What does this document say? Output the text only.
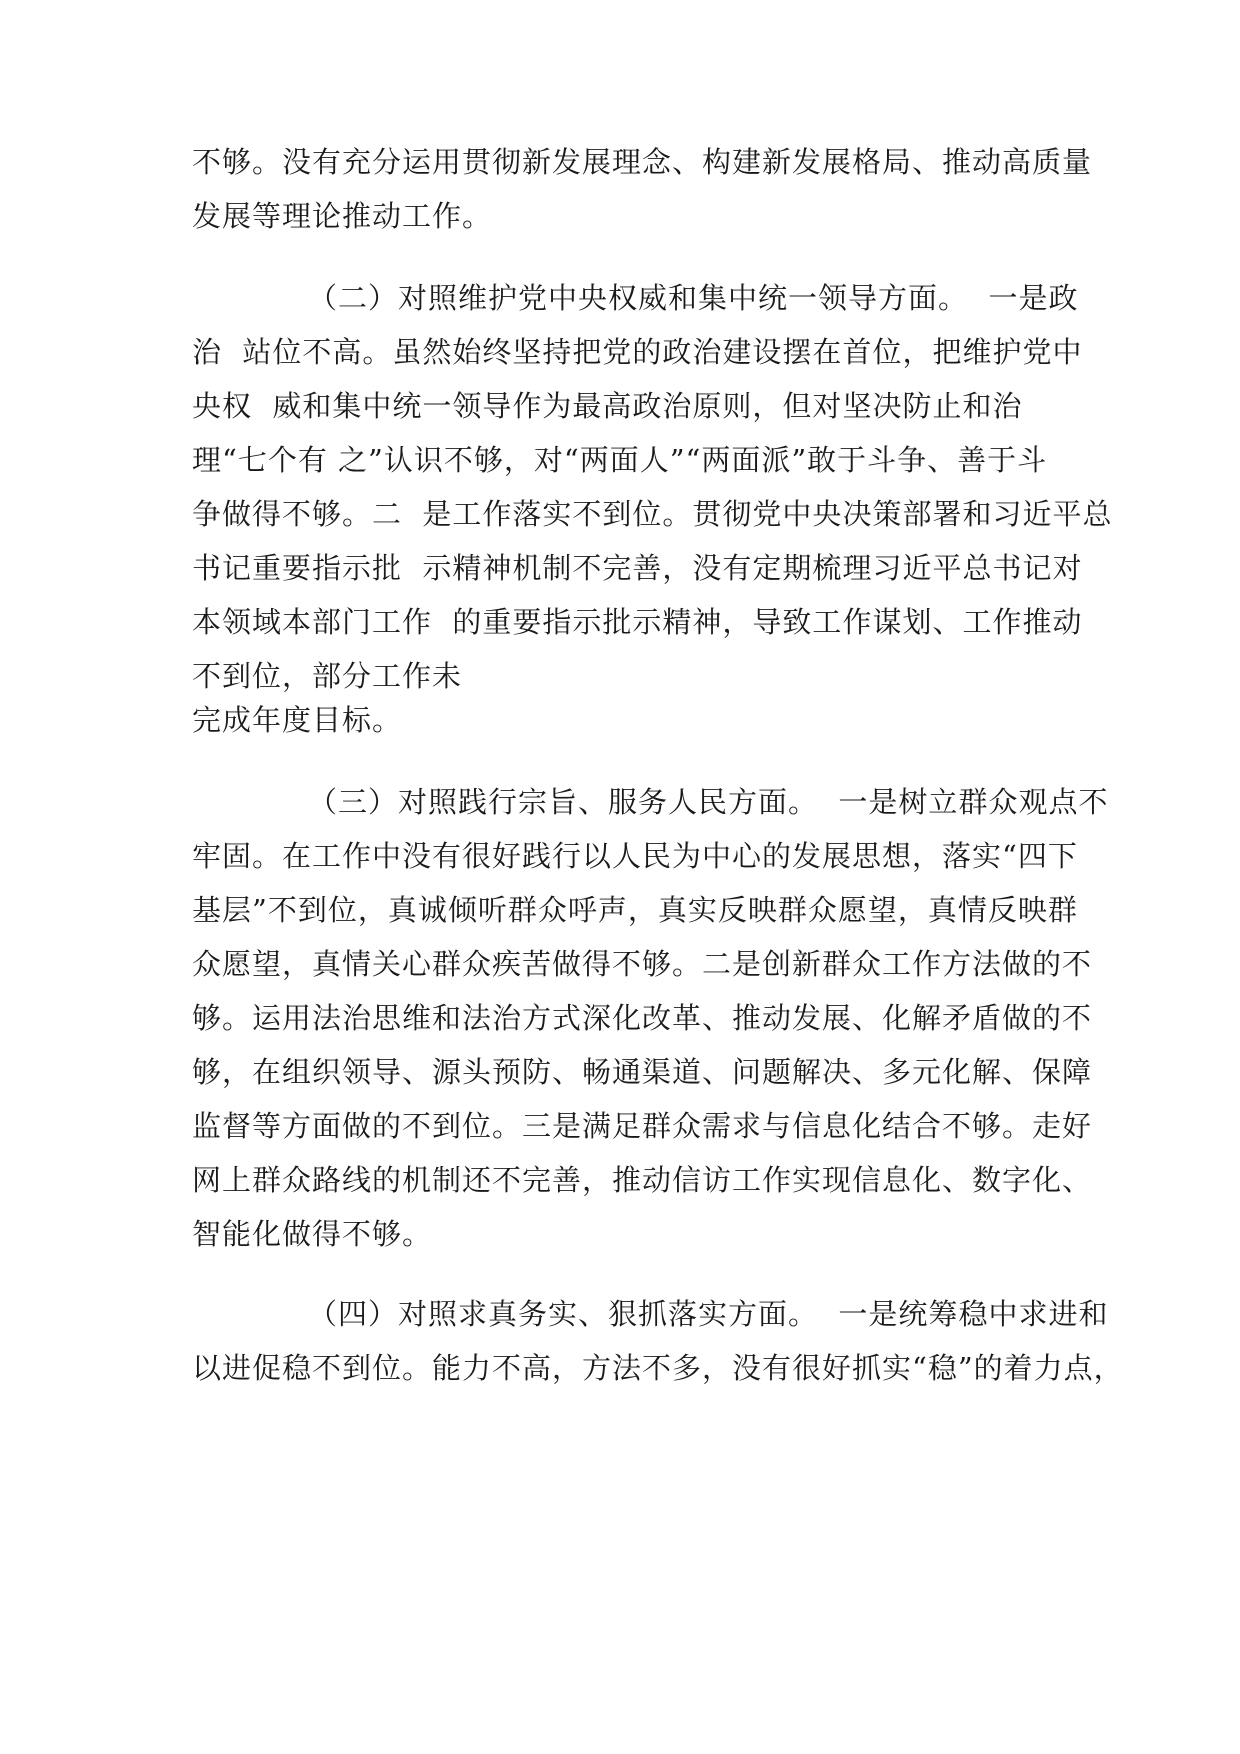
不够。没有充分运用贯彻新发展理念、构建新发展格局、推动高质量
发展等理论推动工作。
（二）对照维护党中央权威和集中统一领导方面。  一是政
治  站位不高。虽然始终坚持把党的政治建设摆在首位，把维护党中
央权  威和集中统一领导作为最高政治原则，但对坚决防止和治
理“七个有 之”认识不够，对“两面人”“两面派”敢于斗争、善于斗
争做得不够。二  是工作落实不到位。贯彻党中央决策部署和习近平总
书记重要指示批  示精神机制不完善，没有定期梳理习近平总书记对
本领域本部门工作  的重要指示批示精神，导致工作谋划、工作推动
不到位，部分工作未
完成年度目标。
（三）对照践行宗旨、服务人民方面。  一是树立群众观点不
牢固。在工作中没有很好践行以人民为中心的发展思想，落实“四下
基层”不到位，真诚倾听群众呼声，真实反映群众愿望，真情反映群
众愿望，真情关心群众疾苦做得不够。二是创新群众工作方法做的不
够。运用法治思维和法治方式深化改革、推动发展、化解矛盾做的不
够，在组织领导、源头预防、畅通渠道、问题解决、多元化解、保障
监督等方面做的不到位。三是满足群众需求与信息化结合不够。走好
网上群众路线的机制还不完善，推动信访工作实现信息化、数字化、
智能化做得不够。
（四）对照求真务实、狠抓落实方面。  一是统筹稳中求进和
以进促稳不到位。能力不高，方法不多，没有很好抓实“稳”的着力点，
